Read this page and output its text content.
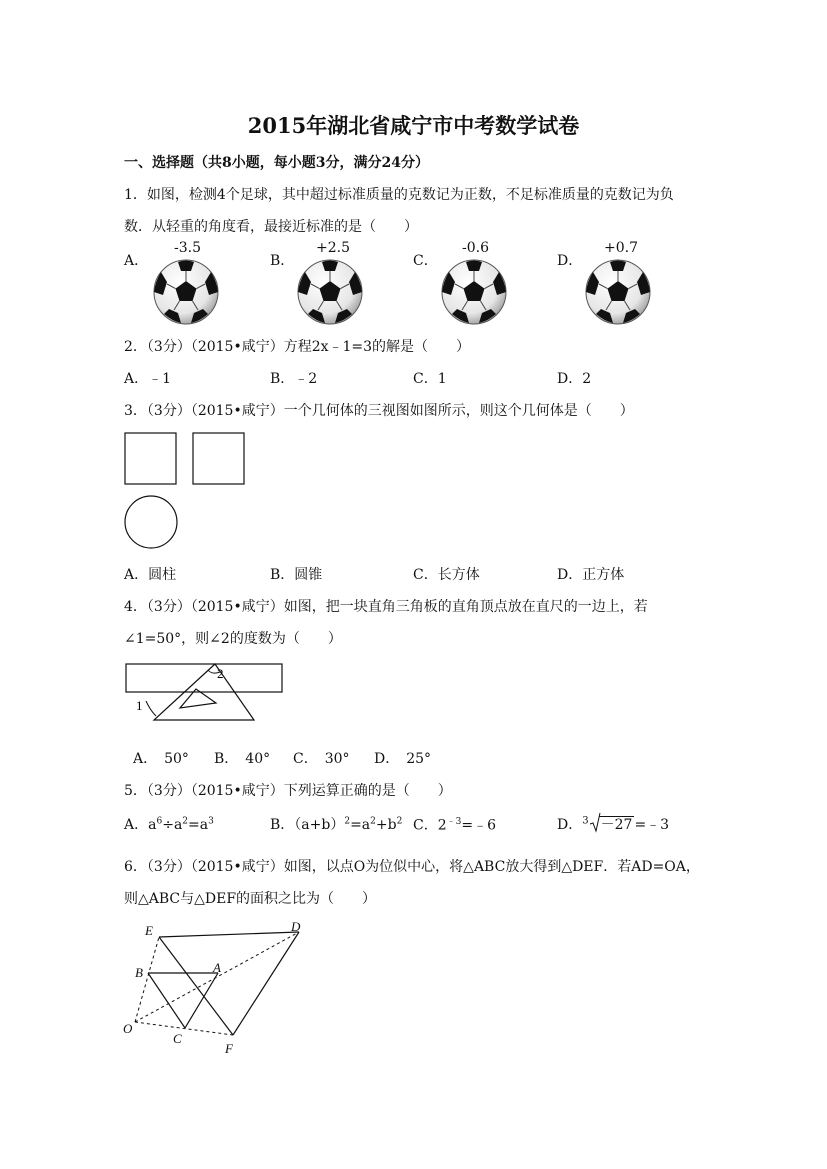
2015年湖北省咸宁市中考数学试卷
一、选择题（共8小题，每小题3分，满分24分）
1．如图，检测4个足球，其中超过标准质量的克数记为正数，不足标准质量的克数记为负
数．从轻重的角度看，最接近标准的是（　　）
A．
-3.5
B．
+2.5
C．
-0.6
D．
+0.7
2．（3分）（2015•咸宁）方程2x﹣1=3的解是（　　）
A．﹣1	B．﹣2	C．1	D．2
3．（3分）（2015•咸宁）一个几何体的三视图如图所示，则这个几何体是（　　）
A．圆柱	B．圆锥	C．长方体	D．正方体
4．（3分）（2015•咸宁）如图，把一块直角三角板的直角顶点放在直尺的一边上，若
∠1=50°，则∠2的度数为（　　）
1
2
A．　50° B．　40° C．　30° D．　25°
5．（3分）（2015•咸宁）下列运算正确的是（　　）
A．$a^6\div a^2=a^3$	B．$(a+b)^2=a^2+b^2$ C．$2^{﹣3}=﹣6$	D．$^3$ －27 =﹣3
6．（3分）（2015•咸宁）如图，以点O为位似中心，将△ABC放大得到△DEF．若AD=OA，
则△ABC与△DEF的面积之比为（　　）
E	D
B	A
O
C
F
